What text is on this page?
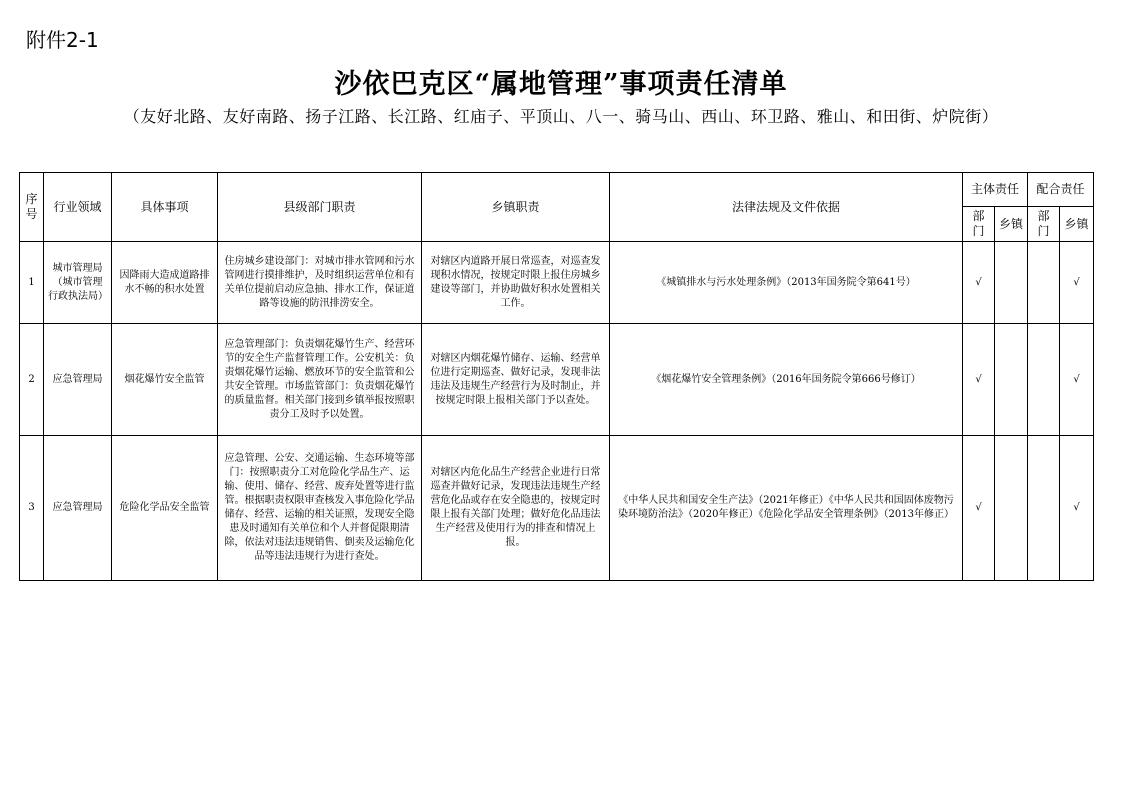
附件2-1
沙依巴克区“属地管理”事项责任清单
（友好北路、友好南路、扬子江路、长江路、红庙子、平顶山、八一、骑马山、西山、环卫路、雅山、和田街、炉院街）
序号	行业领域	具体事项	县级部门职责	乡镇职责	法律法规及文件依据	主体责任		配合责任	
						部门	乡镇	部门	乡镇
1	城市管理局（城市管理行政执法局）	因降雨大造成道路排水不畅的积水处置	住房城乡建设部门：对城市排水管网和污水管网进行摸排维护，及时组织运营单位和有关单位提前启动应急抽、排水工作，保证道路等设施的防汛排涝安全。	对辖区内道路开展日常巡查，对巡查发现积水情况，按规定时限上报住房城乡建设等部门，并协助做好积水处置相关工作。	《城镇排水与污水处理条例》（2013年国务院令第641号）	√			√
2	应急管理局	烟花爆竹安全监管	应急管理部门：负责烟花爆竹生产、经营环节的安全生产监督管理工作。公安机关：负责烟花爆竹运输、燃放环节的安全监管和公共安全管理。市场监管部门：负责烟花爆竹的质量监督。相关部门接到乡镇举报按照职责分工及时予以处置。	对辖区内烟花爆竹储存、运输、经营单位进行定期巡查、做好记录，发现非法违法及违规生产经营行为及时制止，并按规定时限上报相关部门予以查处。	《烟花爆竹安全管理条例》（2016年国务院令第666号修订）	√			√
3	应急管理局	危险化学品安全监管	应急管理、公安、交通运输、生态环境等部门：按照职责分工对危险化学品生产、运输、使用、储存、经营、废弃处置等进行监管。根据职责权限审查核发入事危险化学品储存、经营、运输的相关证照，发现安全隐患及时通知有关单位和个人并督促限期清除，依法对违法违规销售、倒卖及运输危化品等违法违规行为进行查处。	对辖区内危化品生产经营企业进行日常巡查并做好记录，发现违法违规生产经营危化品或存在安全隐患的，按规定时限上报有关部门处理；做好危化品违法生产经营及使用行为的排查和情况上报。	《中华人民共和国安全生产法》（2021年修正）《中华人民共和国固体废物污染环境防治法》（2020年修正）《危险化学品安全管理条例》（2013年修正）	√			√
